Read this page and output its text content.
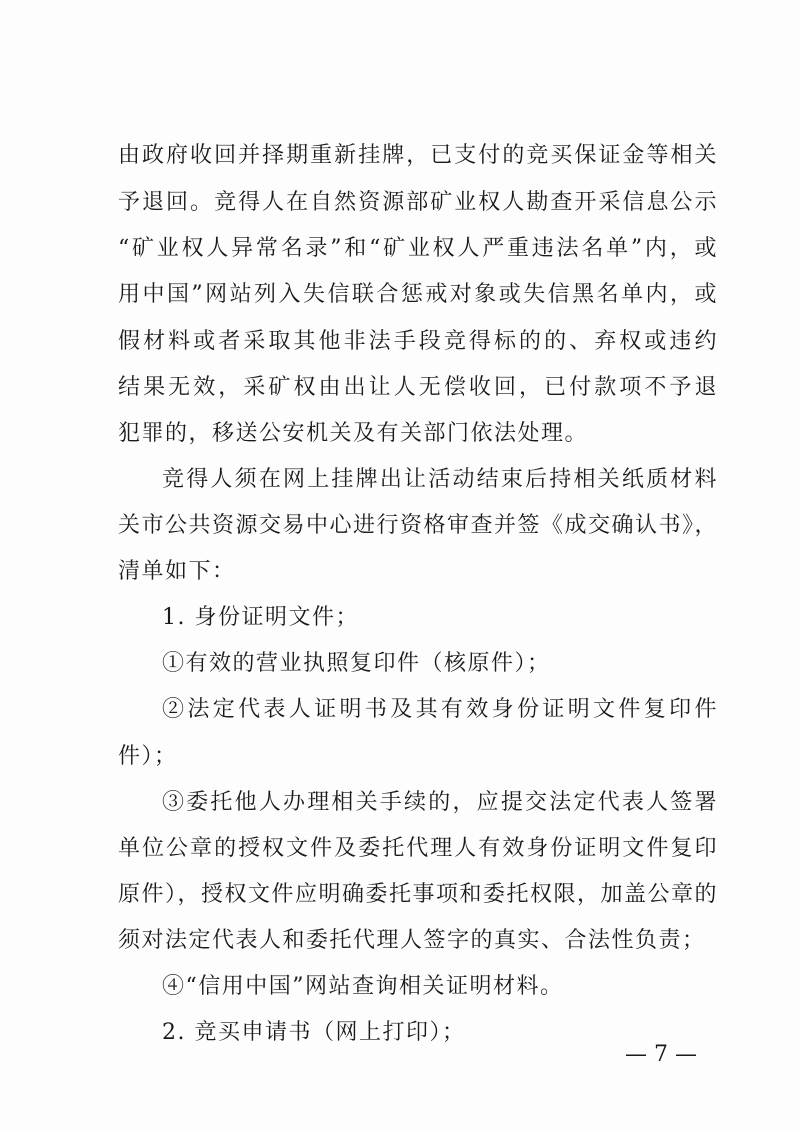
由政府收回并择期重新挂牌，已支付的竞买保证金等相关
予退回。竞得人在自然资源部矿业权人勘查开采信息公示
“矿业权人异常名录”和“矿业权人严重违法名单”内，或
用中国”网站列入失信联合惩戒对象或失信黑名单内，或
假材料或者采取其他非法手段竞得标的的、弃权或违约
结果无效，采矿权由出让人无偿收回，已付款项不予退
犯罪的，移送公安机关及有关部门依法处理。
竞得人须在网上挂牌出让活动结束后持相关纸质材料
关市公共资源交易中心进行资格审查并签《成交确认书》，
清单如下：
1. 身份证明文件；
①有效的营业执照复印件（核原件）；
②法定代表人证明书及其有效身份证明文件复印件
件）；
③委托他人办理相关手续的，应提交法定代表人签署
单位公章的授权文件及委托代理人有效身份证明文件复印
原件），授权文件应明确委托事项和委托权限，加盖公章的
须对法定代表人和委托代理人签字的真实、合法性负责；
④“信用中国”网站查询相关证明材料。
2. 竞买申请书（网上打印）；
— 7 —
